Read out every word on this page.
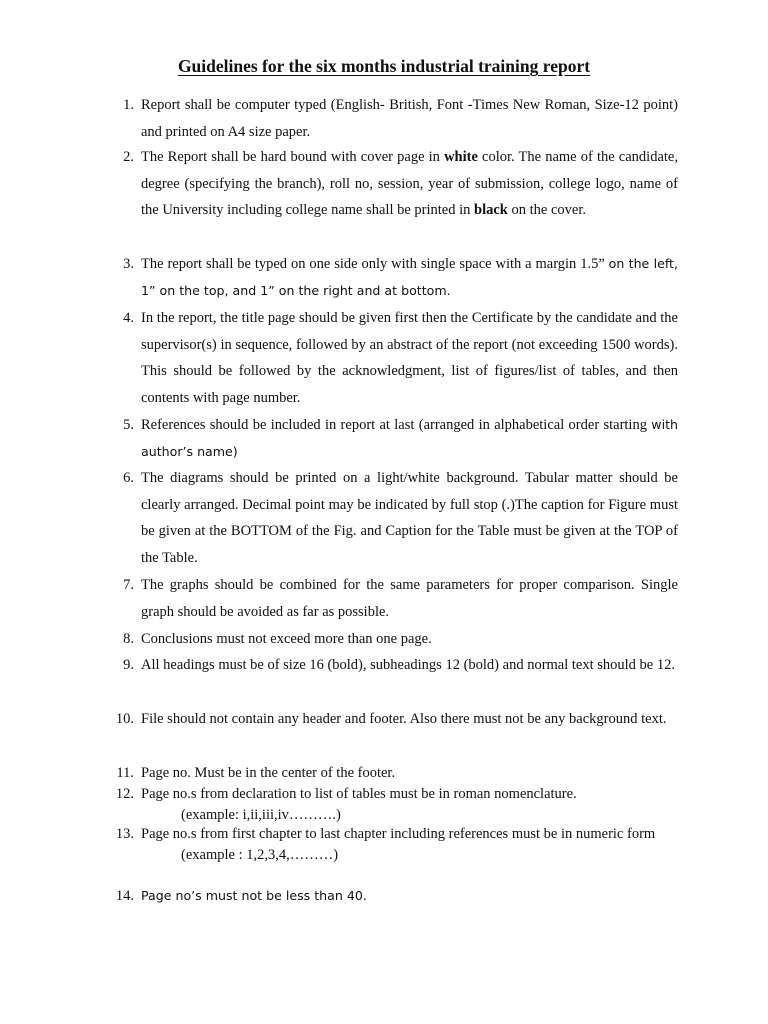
Guidelines for the six months industrial training report
1. Report shall be computer typed (English- British, Font -Times New Roman, Size-12 point) and printed on A4 size paper.
2. The Report shall be hard bound with cover page in white color. The name of the candidate, degree (specifying the branch), roll no, session, year of submission, college logo, name of the University including college name shall be printed in black on the cover.
3. The report shall be typed on one side only with single space with a margin 1.5” on the left, 1” on the top, and 1” on the right and at bottom.
4. In the report, the title page should be given first then the Certificate by the candidate and the supervisor(s) in sequence, followed by an abstract of the report (not exceeding 1500 words). This should be followed by the acknowledgment, list of figures/list of tables, and then contents with page number.
5. References should be included in report at last (arranged in alphabetical order starting with author’s name)
6. The diagrams should be printed on a light/white background. Tabular matter should be clearly arranged. Decimal point may be indicated by full stop (.)The caption for Figure must be given at the BOTTOM of the Fig. and Caption for the Table must be given at the TOP of the Table.
7. The graphs should be combined for the same parameters for proper comparison. Single graph should be avoided as far as possible.
8. Conclusions must not exceed more than one page.
9. All headings must be of size 16 (bold), subheadings 12 (bold) and normal text should be 12.
10. File should not contain any header and footer. Also there must not be any background text.
11. Page no. Must be in the center of the footer.
12. Page no.s from declaration to list of tables must be in roman nomenclature.
(example: i,ii,iii,iv……….)
13. Page no.s from first chapter to last chapter including references must be in numeric form
(example : 1,2,3,4,………)
14. Page no’s must not be less than 40.
